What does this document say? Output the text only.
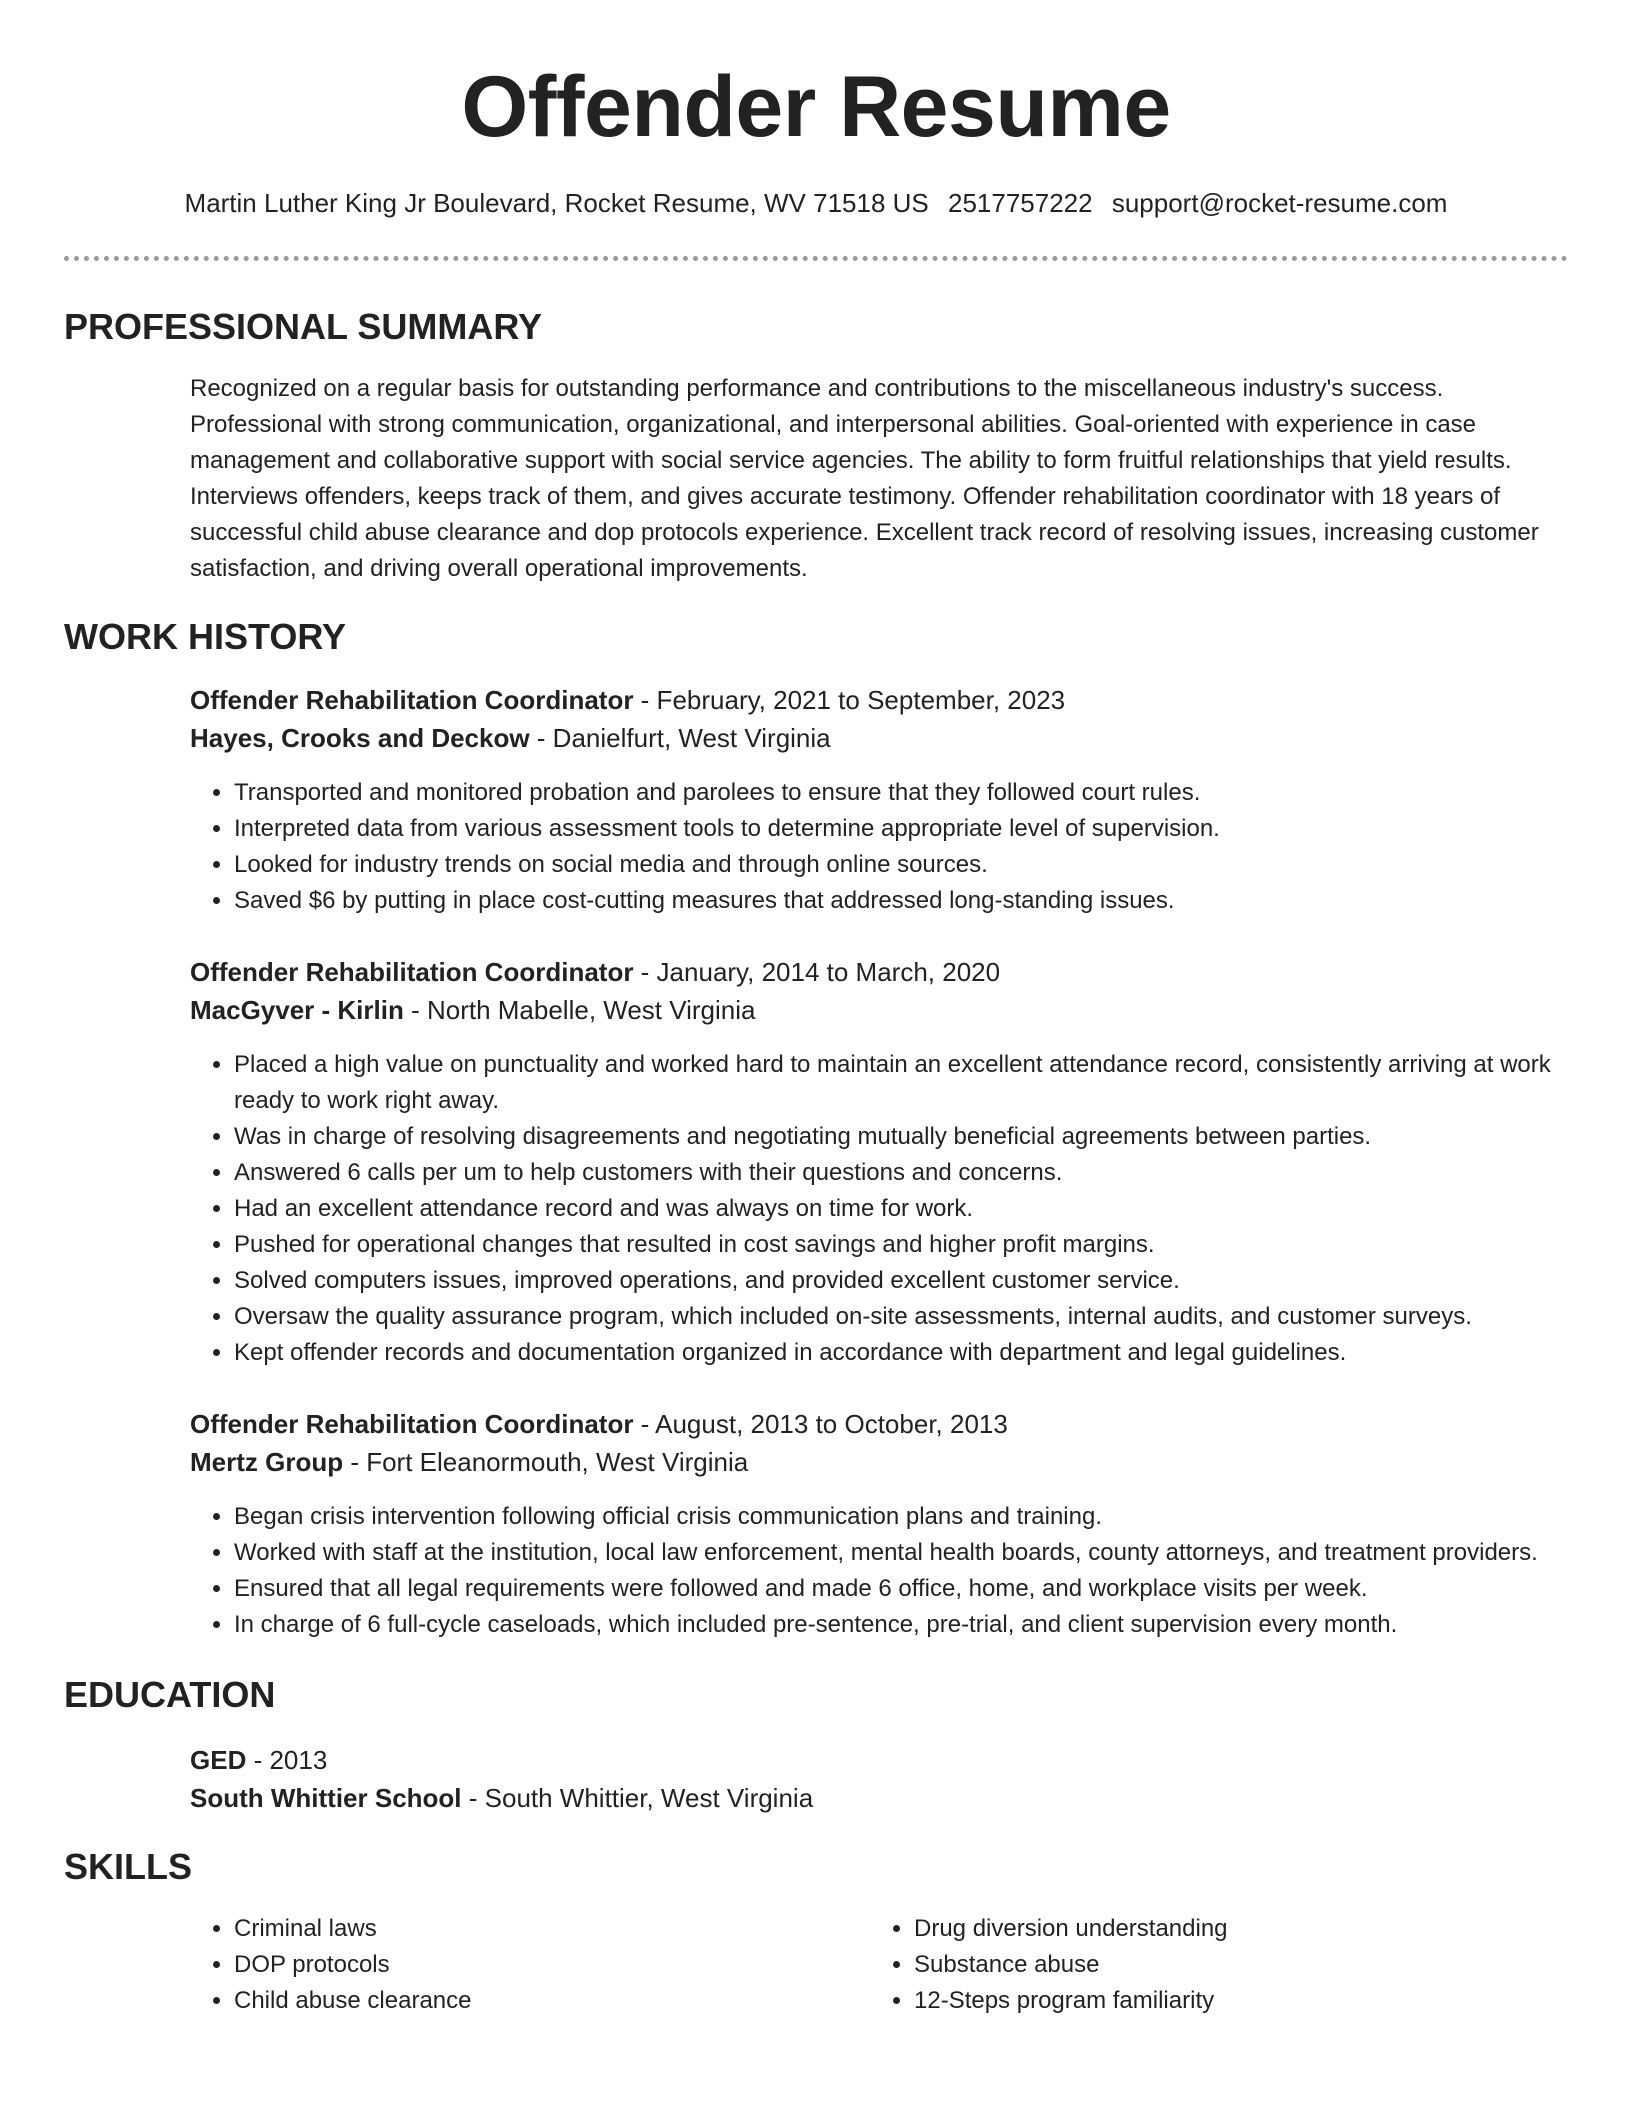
Offender Resume
Martin Luther King Jr Boulevard, Rocket Resume, WV 71518 US 2517757222 support@rocket-resume.com
PROFESSIONAL SUMMARY
Recognized on a regular basis for outstanding performance and contributions to the miscellaneous industry's success. Professional with strong communication, organizational, and interpersonal abilities. Goal-oriented with experience in case management and collaborative support with social service agencies. The ability to form fruitful relationships that yield results. Interviews offenders, keeps track of them, and gives accurate testimony. Offender rehabilitation coordinator with 18 years of successful child abuse clearance and dop protocols experience. Excellent track record of resolving issues, increasing customer satisfaction, and driving overall operational improvements.
WORK HISTORY
Offender Rehabilitation Coordinator - February, 2021 to September, 2023
Hayes, Crooks and Deckow - Danielfurt, West Virginia
• Transported and monitored probation and parolees to ensure that they followed court rules.
• Interpreted data from various assessment tools to determine appropriate level of supervision.
• Looked for industry trends on social media and through online sources.
• Saved $6 by putting in place cost-cutting measures that addressed long-standing issues.
Offender Rehabilitation Coordinator - January, 2014 to March, 2020
MacGyver - Kirlin - North Mabelle, West Virginia
• Placed a high value on punctuality and worked hard to maintain an excellent attendance record, consistently arriving at work ready to work right away.
• Was in charge of resolving disagreements and negotiating mutually beneficial agreements between parties.
• Answered 6 calls per um to help customers with their questions and concerns.
• Had an excellent attendance record and was always on time for work.
• Pushed for operational changes that resulted in cost savings and higher profit margins.
• Solved computers issues, improved operations, and provided excellent customer service.
• Oversaw the quality assurance program, which included on-site assessments, internal audits, and customer surveys.
• Kept offender records and documentation organized in accordance with department and legal guidelines.
Offender Rehabilitation Coordinator - August, 2013 to October, 2013
Mertz Group - Fort Eleanormouth, West Virginia
• Began crisis intervention following official crisis communication plans and training.
• Worked with staff at the institution, local law enforcement, mental health boards, county attorneys, and treatment providers.
• Ensured that all legal requirements were followed and made 6 office, home, and workplace visits per week.
• In charge of 6 full-cycle caseloads, which included pre-sentence, pre-trial, and client supervision every month.
EDUCATION
GED - 2013
South Whittier School - South Whittier, West Virginia
SKILLS
• Criminal laws
• DOP protocols
• Child abuse clearance
• Drug diversion understanding
• Substance abuse
• 12-Steps program familiarity
